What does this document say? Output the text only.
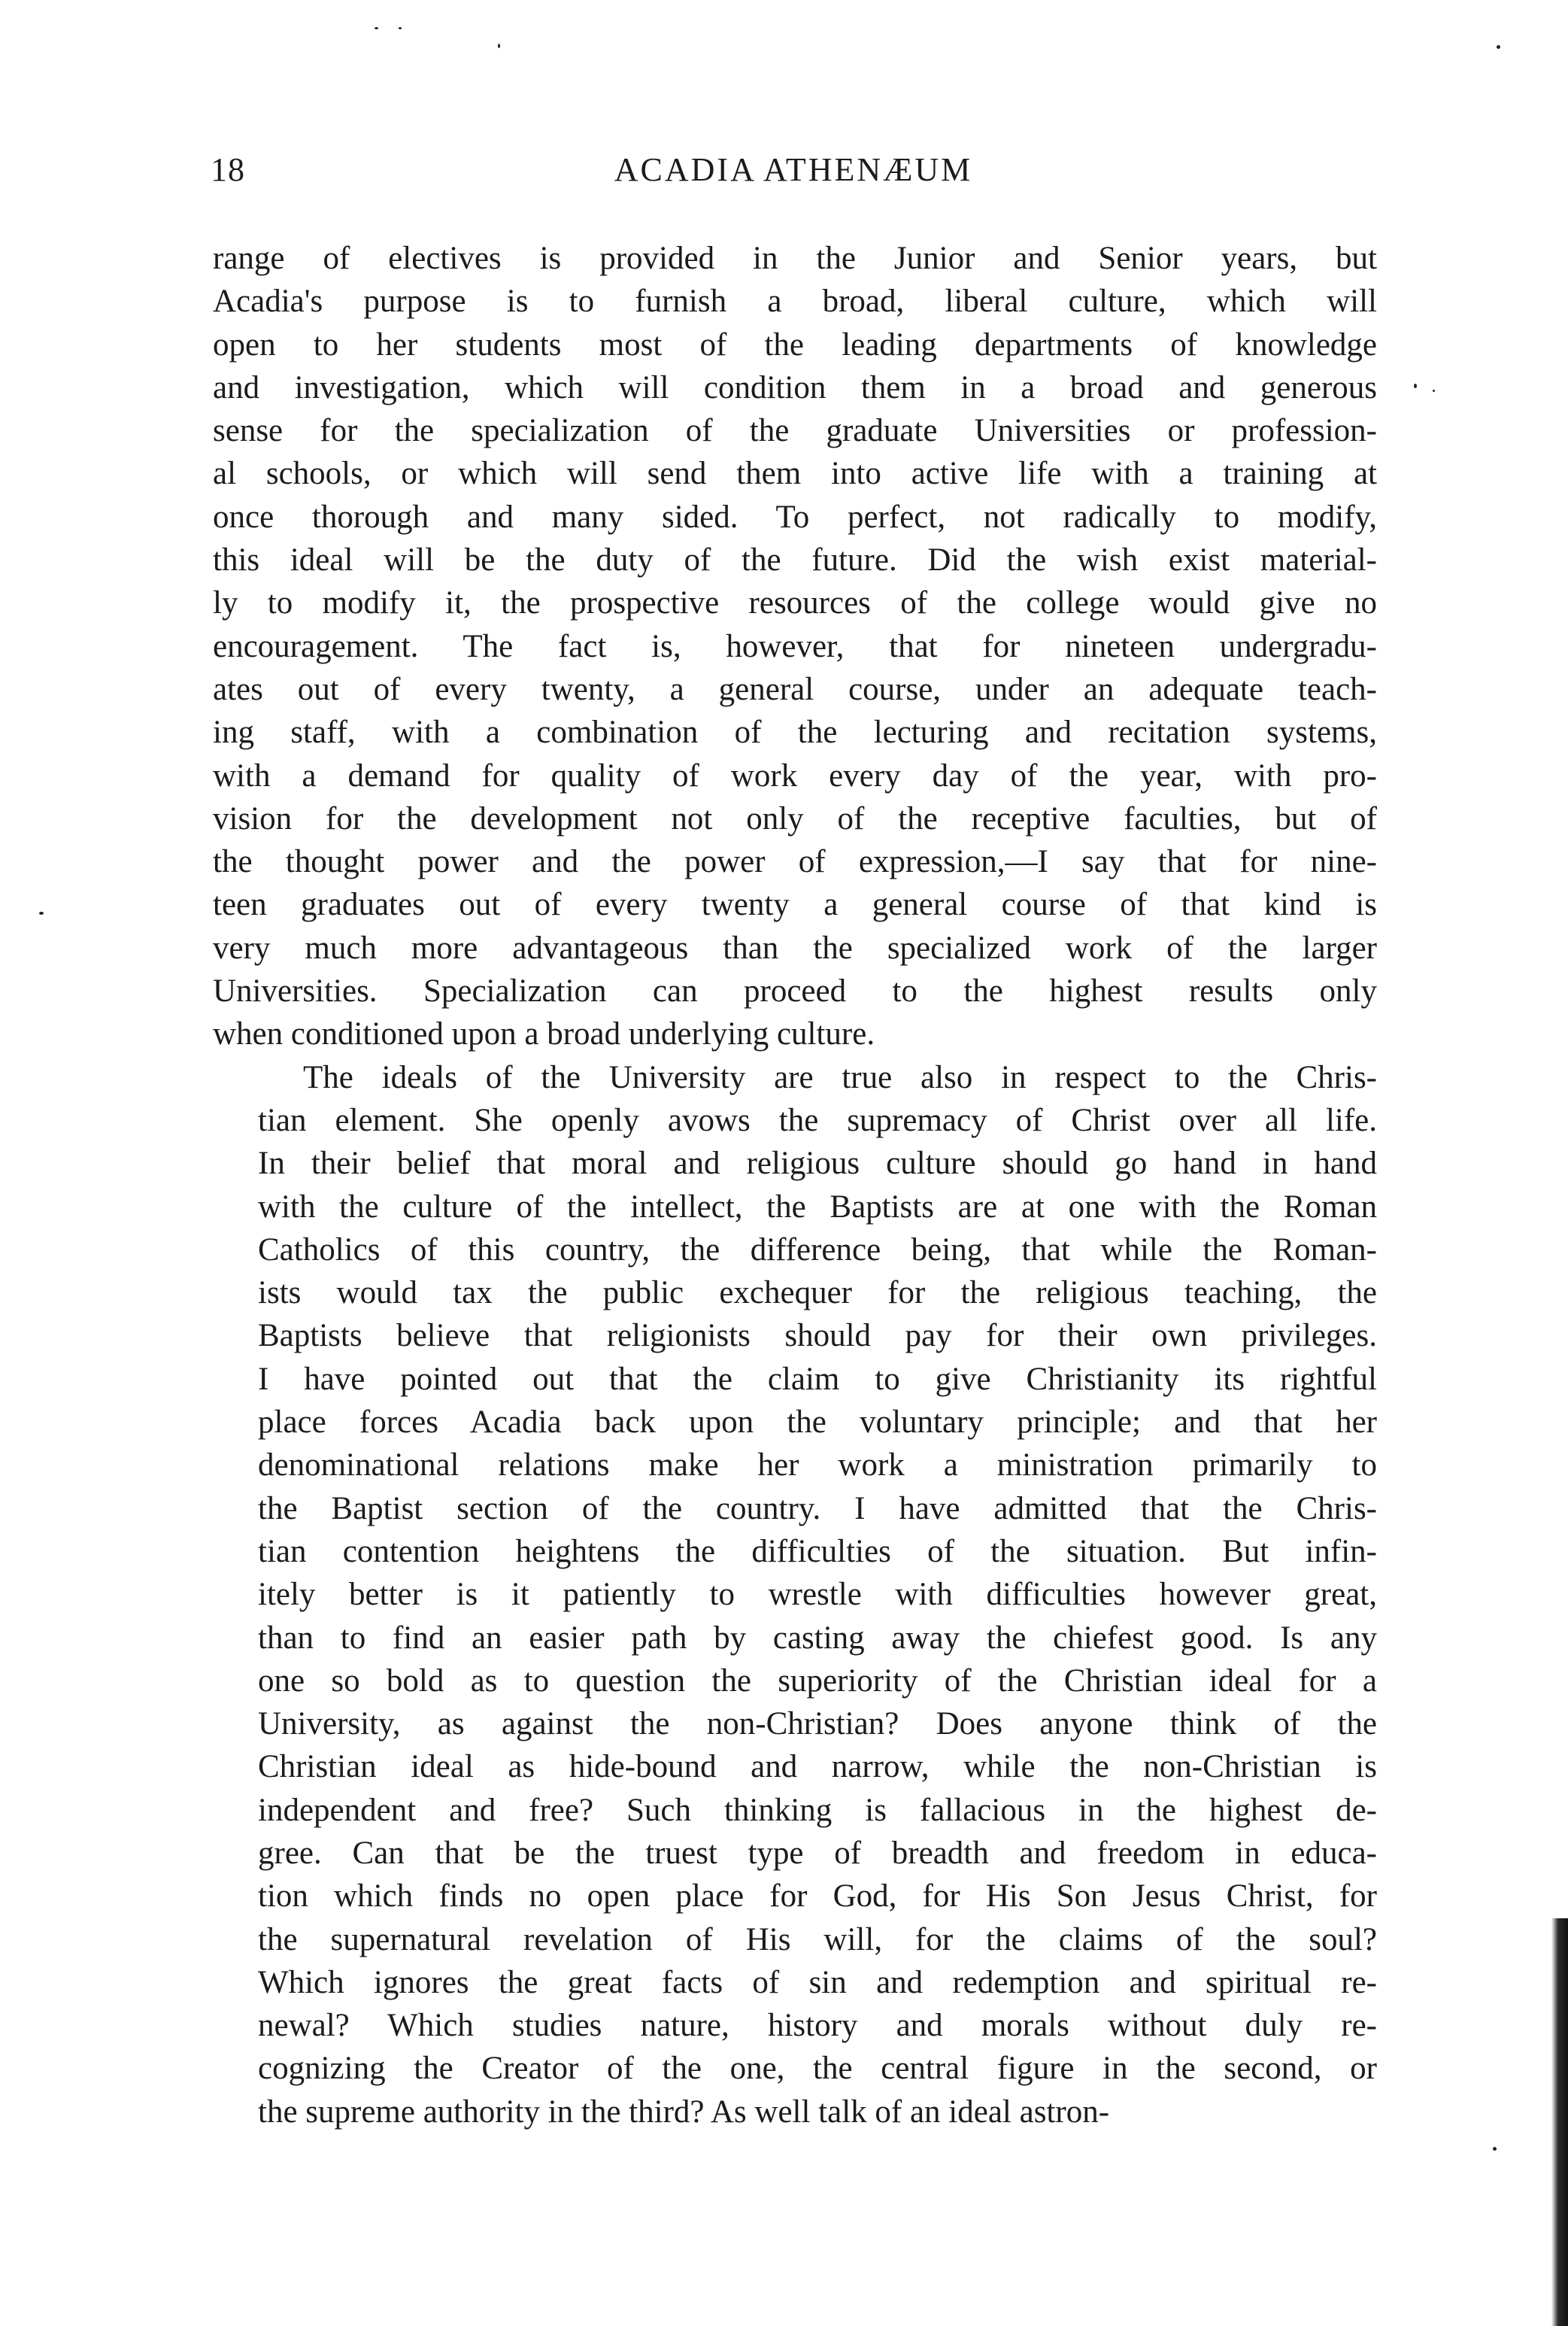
18	ACADIA ATHENÆUM

range of electives is provided in the Junior and Senior years, but
Acadia's purpose is to furnish a broad, liberal culture, which will
open to her students most of the leading departments of knowledge
and investigation, which will condition them in a broad and generous
sense for the specialization of the graduate Universities or profession-
al schools, or which will send them into active life with a training at
once thorough and many sided. To perfect, not radically to modify,
this ideal will be the duty of the future. Did the wish exist material-
ly to modify it, the prospective resources of the college would give no
encouragement. The fact is, however, that for nineteen undergradu-
ates out of every twenty, a general course, under an adequate teach-
ing staff, with a combination of the lecturing and recitation systems,
with a demand for quality of work every day of the year, with pro-
vision for the development not only of the receptive faculties, but of
the thought power and the power of expression,—I say that for nine-
teen graduates out of every twenty a general course of that kind is
very much more advantageous than the specialized work of the larger
Universities. Specialization can proceed to the highest results only
when conditioned upon a broad underlying culture.

The ideals of the University are true also in respect to the Chris-
tian element. She openly avows the supremacy of Christ over all life.
In their belief that moral and religious culture should go hand in hand
with the culture of the intellect, the Baptists are at one with the Roman
Catholics of this country, the difference being, that while the Roman-
ists would tax the public exchequer for the religious teaching, the
Baptists believe that religionists should pay for their own privileges.
I have pointed out that the claim to give Christianity its rightful
place forces Acadia back upon the voluntary principle; and that her
denominational relations make her work a ministration primarily to
the Baptist section of the country. I have admitted that the Chris-
tian contention heightens the difficulties of the situation. But infin-
itely better is it patiently to wrestle with difficulties however great,
than to find an easier path by casting away the chiefest good. Is any
one so bold as to question the superiority of the Christian ideal for a
University, as against the non-Christian? Does anyone think of the
Christian ideal as hide-bound and narrow, while the non-Christian is
independent and free? Such thinking is fallacious in the highest de-
gree. Can that be the truest type of breadth and freedom in educa-
tion which finds no open place for God, for His Son Jesus Christ, for
the supernatural revelation of His will, for the claims of the soul?
Which ignores the great facts of sin and redemption and spiritual re-
newal? Which studies nature, history and morals without duly re-
cognizing the Creator of the one, the central figure in the second, or
the supreme authority in the third? As well talk of an ideal astron-
